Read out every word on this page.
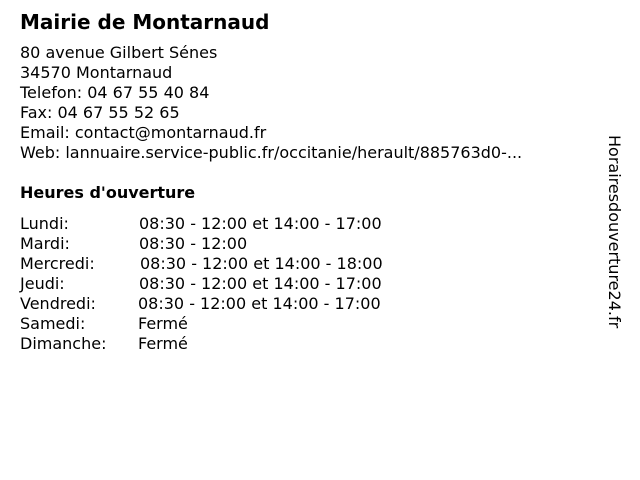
Mairie de Montarnaud
80 avenue Gilbert Sénes
34570 Montarnaud
Telefon: 04 67 55 40 84
Fax: 04 67 55 52 65
Email: contact@montarnaud.fr
Web: lannuaire.service-public.fr/occitanie/herault/885763d0-...
Heures d'ouverture
Lundi:	08:30 - 12:00 et 14:00 - 17:00
Mardi:	08:30 - 12:00
Mercredi:	08:30 - 12:00 et 14:00 - 18:00
Jeudi:	08:30 - 12:00 et 14:00 - 17:00
Vendredi:	08:30 - 12:00 et 14:00 - 17:00
Samedi:	Fermé
Dimanche: Fermé
Horairesdouverture24.fr
